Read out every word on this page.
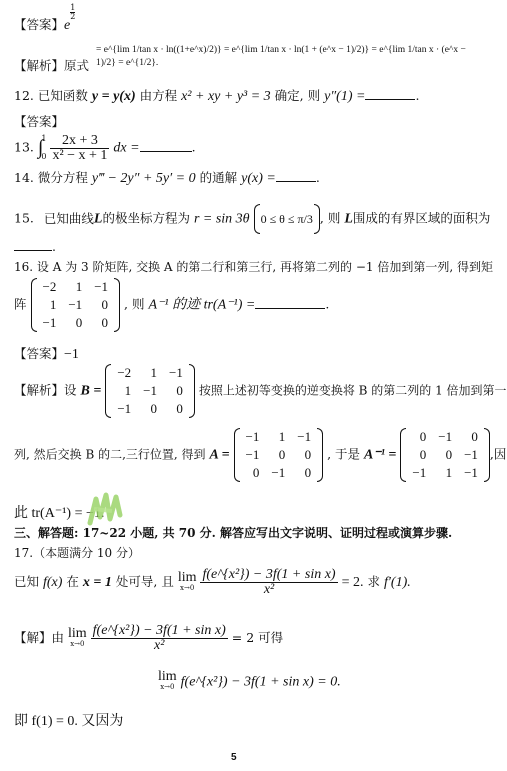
【答案】e
$\frac{1}{2}$
【解析】原式
= e^{lim 1/tan x · ln((1+e^x)/2)} = e^{lim 1/tan x · ln(1 + (e^x − 1)/2)} = e^{lim 1/tan x · (e^x − 1)/2} = e^{1/2}.
12. 已知函数 y = y(x) 由方程 x² + xy + y³ = 3 确定, 则 y″(1) =	.
【答案】
13. ∫
1
0
$\frac{2x + 3}{\text{x² − x + 1}}$ dx =	.
14. 微分方程 y‴ − 2y″ + 5y′ = 0 的通解 y(x) =	.
15. 已知曲线L的极坐标方程为 r = sin 3θ 0 ≤ θ ≤ π/3 , 则 L围成的有界区域的面积为
.
16. 设 A 为 3 阶矩阵, 交换 A 的第二行和第三行, 再将第二列的 −1 倍加到第一列, 得到矩
阵
−2	1	−1
1	−1	0
−1	0	0
, 则 A⁻¹ 的迹 tr(A⁻¹) =	.
【答案】−1
【解析】设 B =
−2	1	−1
1	−1	0
−1	0	0
按照上述初等变换的逆变换将 B 的第二列的 1 倍加到第一
列, 然后交换 B 的二,三行位置, 得到 A =
−1	1	−1
−1	0	0
0	−1	0
, 于是 A⁻¹ =
0	−1	0
0	0	−1
−1	1	−1
,因
此 tr(A⁻¹) = −1.
三、解答题: 17~22 小题, 共 70 分. 解答应写出文字说明、证明过程或演算步骤.
17.（本题满分 10 分）
已知 f(x) 在 x = 1 处可导, 且 lim
x→0
$\frac{\text{f(e\textasciicircum{}\{x²\}) − 3f(1 + sin x)}}{\text{x²}} = 2$. 求 f′(1).
【解】由 lim
x→0
$\frac{\text{f(e\textasciicircum{}\{x²\}) − 3f(1 + sin x)}}{\text{x²}} = 2$ 可得
lim
x→0 f(e^{x²}) − 3f(1 + sin x) = 0.
即 f(1) = 0. 又因为
5
